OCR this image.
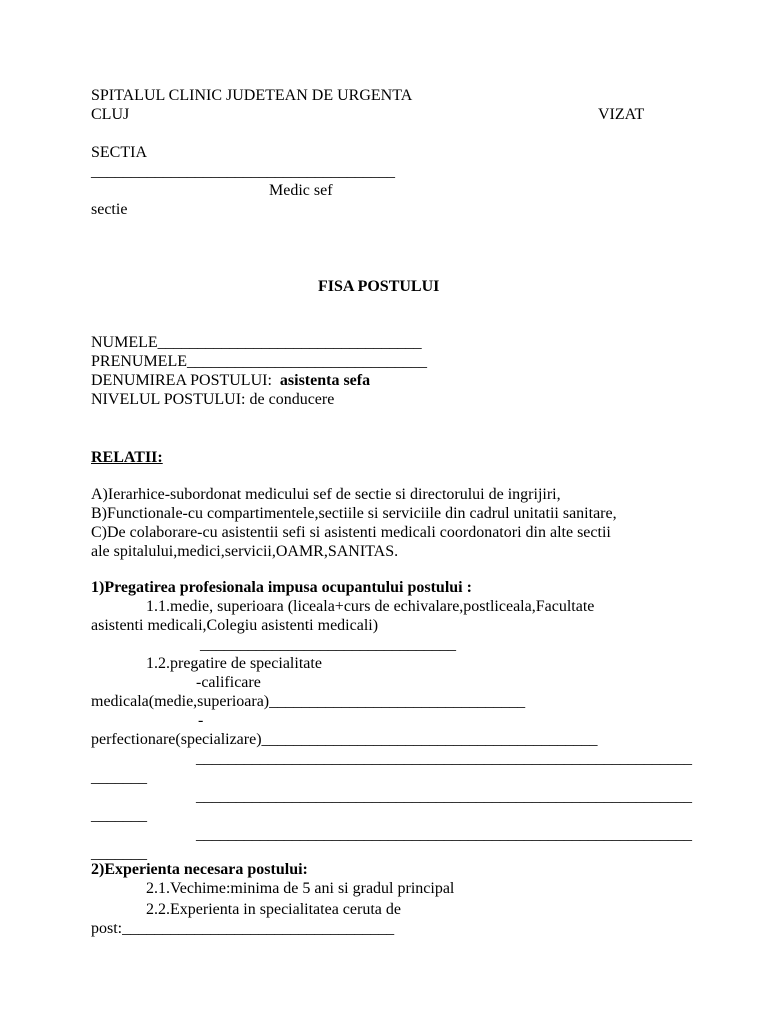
SPITALUL CLINIC JUDETEAN DE URGENTA
CLUJ	VIZAT
SECTIA
______________________________________
Medic sef
sectie
FISA POSTULUI
NUMELE_________________________________
PRENUMELE______________________________
DENUMIREA POSTULUI:  asistenta sefa
NIVELUL POSTULUI: de conducere
RELATII:
A)Ierarhice-subordonat medicului sef de sectie si directorului de ingrijiri,
B)Functionale-cu compartimentele,sectiile si serviciile din cadrul unitatii sanitare,
C)De colaborare-cu asistentii sefi si asistenti medicali coordonatori din alte sectii
ale spitalului,medici,servicii,OAMR,SANITAS.
1)Pregatirea profesionala impusa ocupantului postului :
1.1.medie, superioara (liceala+curs de echivalare,postliceala,Facultate
asistenti medicali,Colegiu asistenti medicali)
________________________________
1.2.pregatire de specialitate
-calificare
medicala(medie,superioara)________________________________
-
perfectionare(specializare)__________________________________________
______________________________________________________________
_______
______________________________________________________________
_______
______________________________________________________________
_______
2)Experienta necesara postului:
2.1.Vechime:minima de 5 ani si gradul principal
2.2.Experienta in specialitatea ceruta de
post:__________________________________
